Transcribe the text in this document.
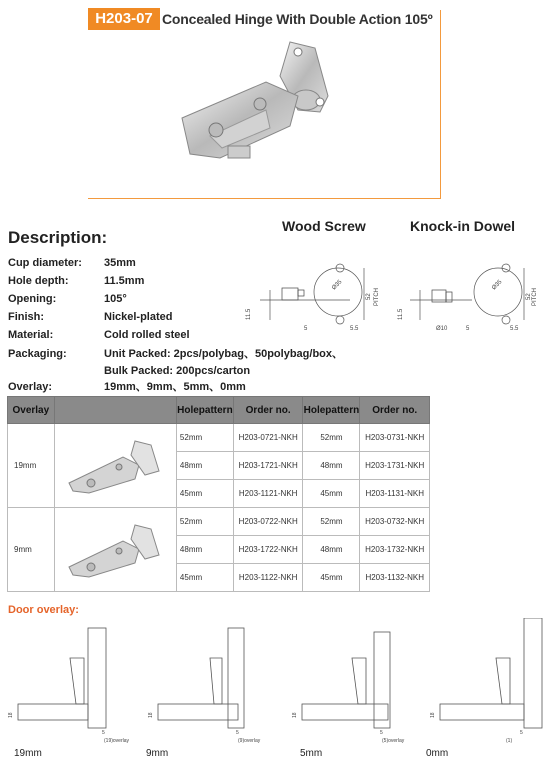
H203-07 Concealed Hinge With Double Action 105º
Description:
Cup diameter:	35mm
Hole depth:	11.5mm
Opening:	105°
Finish:	Nickel-plated
Material:	Cold rolled steel
Packaging:	Unit Packed: 2pcs/polybag、50polybag/box、
Bulk Packed: 200pcs/carton
Overlay:	19mm、9mm、5mm、0mm
Wood Screw	Knock-in Dowel
11.5
Ø35
52 PITCH
5	5.5
11.5
Ø35
52 PITCH
Ø10	5	5.5
Overlay		Holepattern	Order no.	Holepattern	Order no.
19mm		52mm	H203-0721-NKH	52mm	H203-0731-NKH
		48mm	H203-1721-NKH	48mm	H203-1731-NKH
		45mm	H203-1121-NKH	45mm	H203-1131-NKH
9mm		52mm	H203-0722-NKH	52mm	H203-0732-NKH
		48mm	H203-1722-NKH	48mm	H203-1732-NKH
		45mm	H203-1122-NKH	45mm	H203-1132-NKH
Door overlay:
18
5
(19)overlay
18
5
(9)overlay
18
5
(5)overlay
18
5
(1)
19mm	9mm	5mm	0mm
